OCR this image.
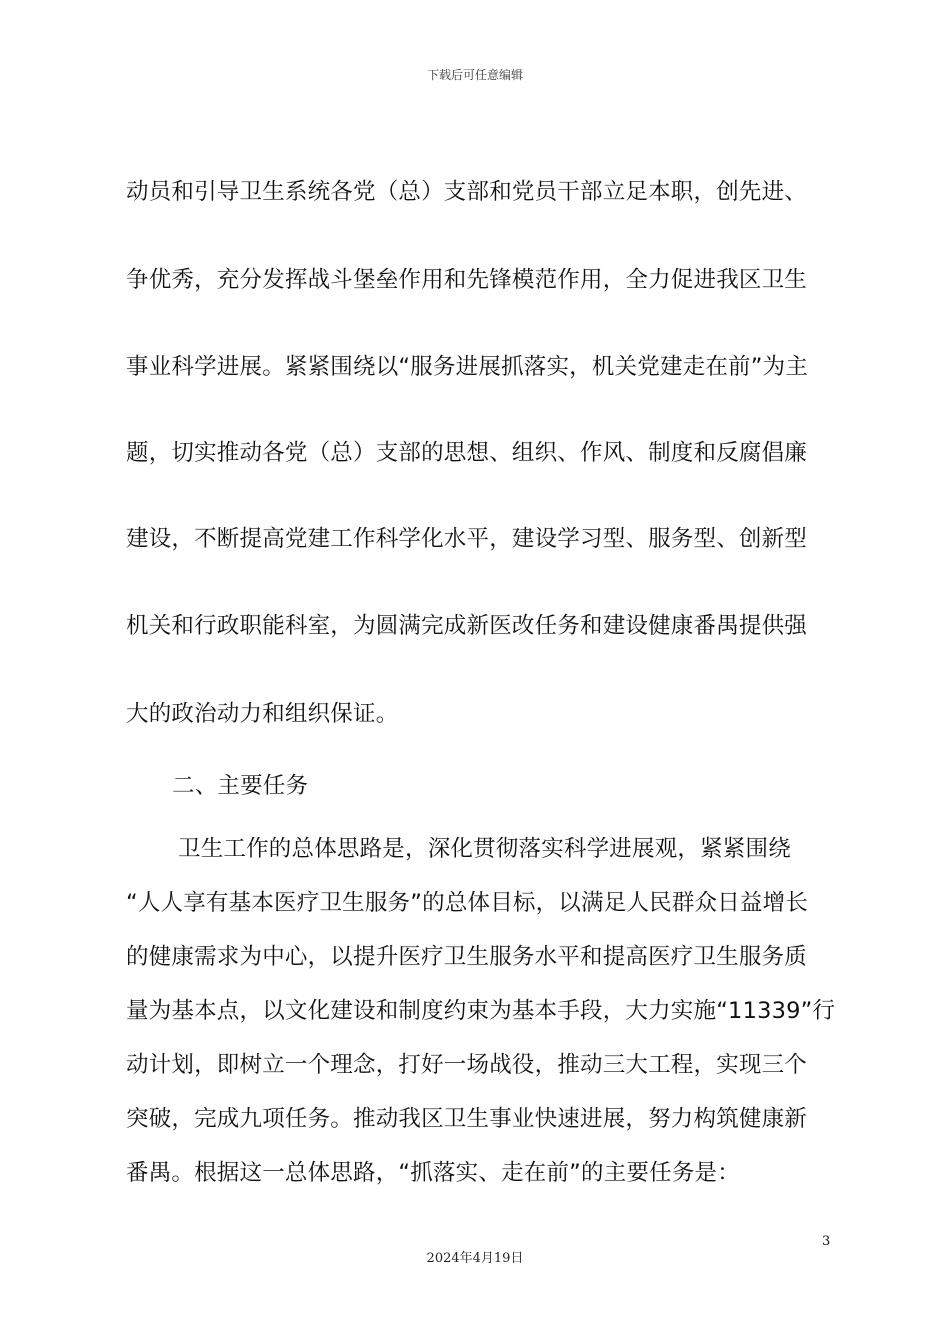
下载后可任意编辑
动员和引导卫生系统各党（总）支部和党员干部立足本职，创先进、
争优秀，充分发挥战斗堡垒作用和先锋模范作用，全力促进我区卫生
事业科学进展。紧紧围绕以“服务进展抓落实，机关党建走在前”为主
题，切实推动各党（总）支部的思想、组织、作风、制度和反腐倡廉
建设，不断提高党建工作科学化水平，建设学习型、服务型、创新型
机关和行政职能科室，为圆满完成新医改任务和建设健康番禺提供强
大的政治动力和组织保证。
二、主要任务
卫生工作的总体思路是，深化贯彻落实科学进展观，紧紧围绕
“人人享有基本医疗卫生服务”的总体目标，以满足人民群众日益增长
的健康需求为中心，以提升医疗卫生服务水平和提高医疗卫生服务质
量为基本点，以文化建设和制度约束为基本手段，大力实施“11339”行
动计划，即树立一个理念，打好一场战役，推动三大工程，实现三个
突破，完成九项任务。推动我区卫生事业快速进展，努力构筑健康新
番禺。根据这一总体思路，“抓落实、走在前”的主要任务是：
3
2024年4月19日
